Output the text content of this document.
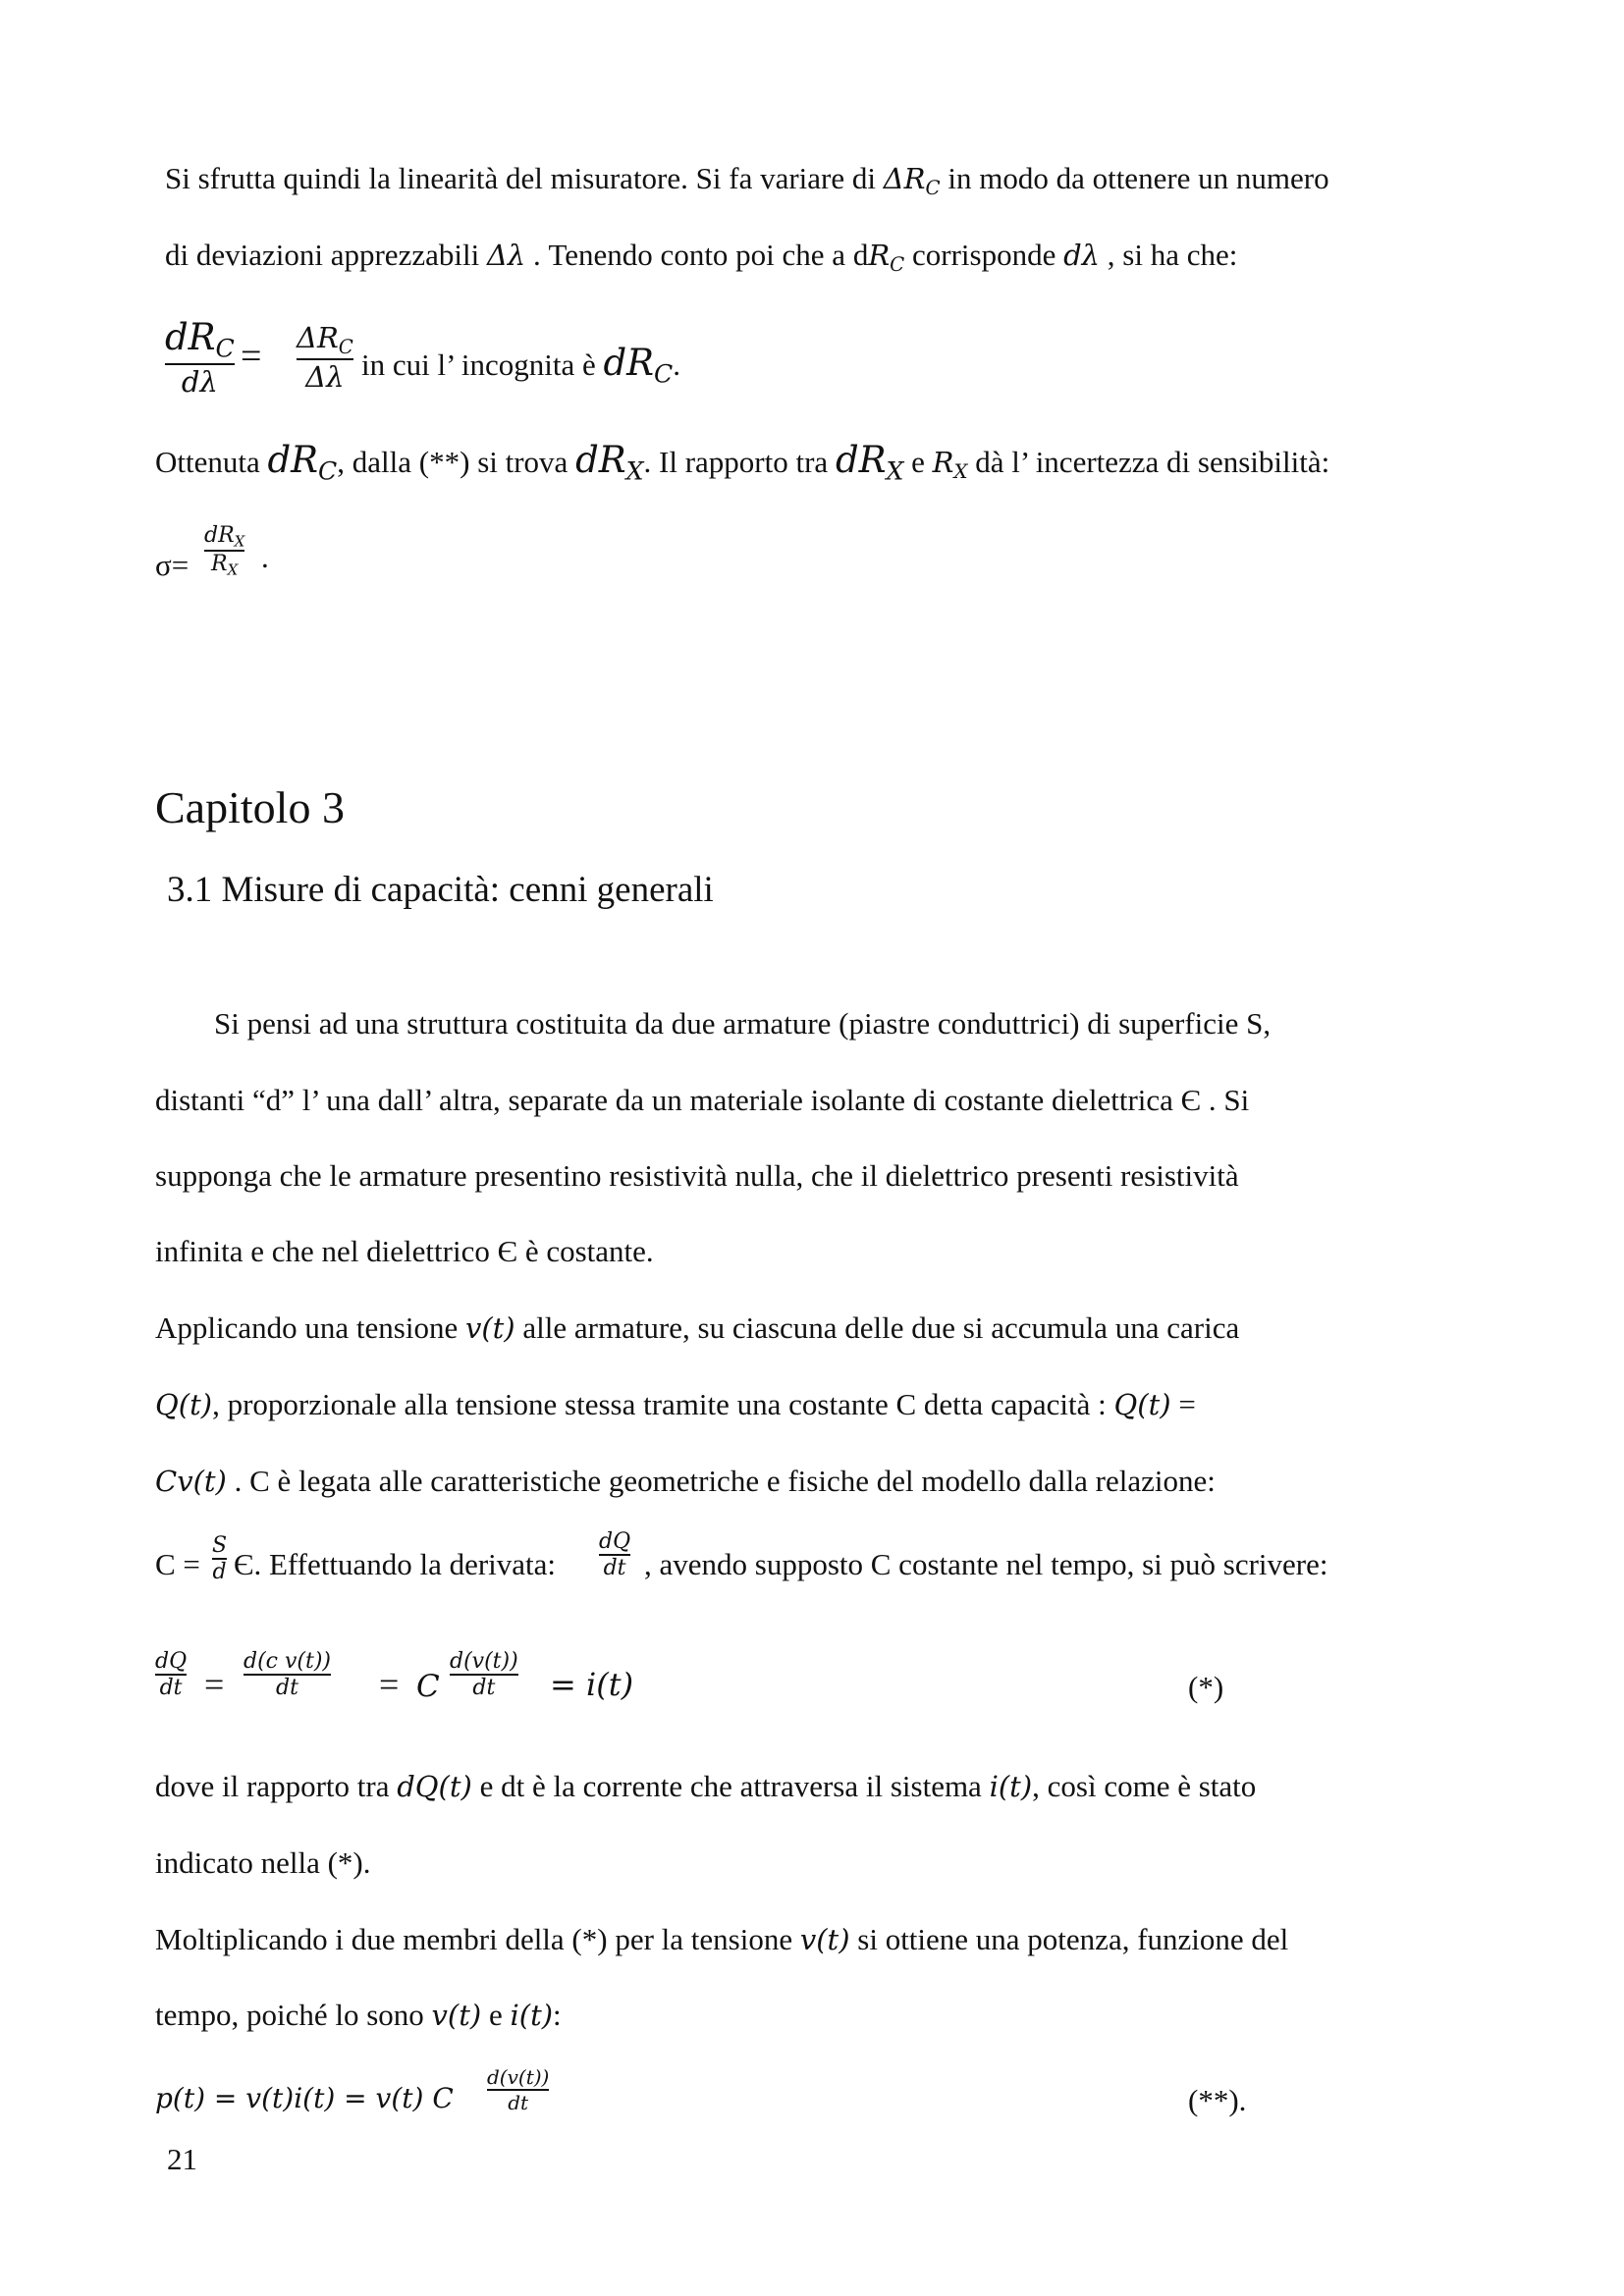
Si sfrutta quindi la linearità del misuratore. Si fa variare di $\Delta R_C$ in modo da ottenere un numero
di deviazioni apprezzabili Δλ . Tenendo conto poi che a $dR_C$ corrisponde dλ , si ha che:
$dR_C$
dλ
= $\Delta R_C$
Δλ in cui l’ incognita è $dR_C$.
Ottenuta $dR_C$, dalla (**) si trova $dR_X$. Il rapporto tra $dR_X$ e $R_X$ dà l’ incertezza di sensibilità:
σ=
$dR_X$
$R_X$ .
Capitolo 3
3.1 Misure di capacità: cenni generali
Si pensi ad una struttura costituita da due armature (piastre conduttrici) di superficie S,
distanti “d” l’ una dall’ altra, separate da un materiale isolante di costante dielettrica Є . Si
supponga che le armature presentino resistività nulla, che il dielettrico presenti resistività
infinita e che nel dielettrico Є è costante.
Applicando una tensione v(t) alle armature, su ciascuna delle due si accumula una carica
Q(t), proporzionale alla tensione stessa tramite una costante C detta capacità : Q(t) =
Cv(t) . C è legata alle caratteristiche geometriche e fisiche del modello dalla relazione:
C =
S
d Є. Effettuando la derivata:
dQ
dt , avendo supposto C costante nel tempo, si può scrivere:
dQ
dt =
d(c v(t))
dt	= C
d(v(t))
dt	= i(t)	(*)
dove il rapporto tra dQ(t) e dt è la corrente che attraversa il sistema i(t), così come è stato
indicato nella (*).
Moltiplicando i due membri della (*) per la tensione v(t) si ottiene una potenza, funzione del
tempo, poiché lo sono v(t) e i(t):
p(t) = v(t)i(t) = v(t) C
d(v(t))
dt	(**).
21
